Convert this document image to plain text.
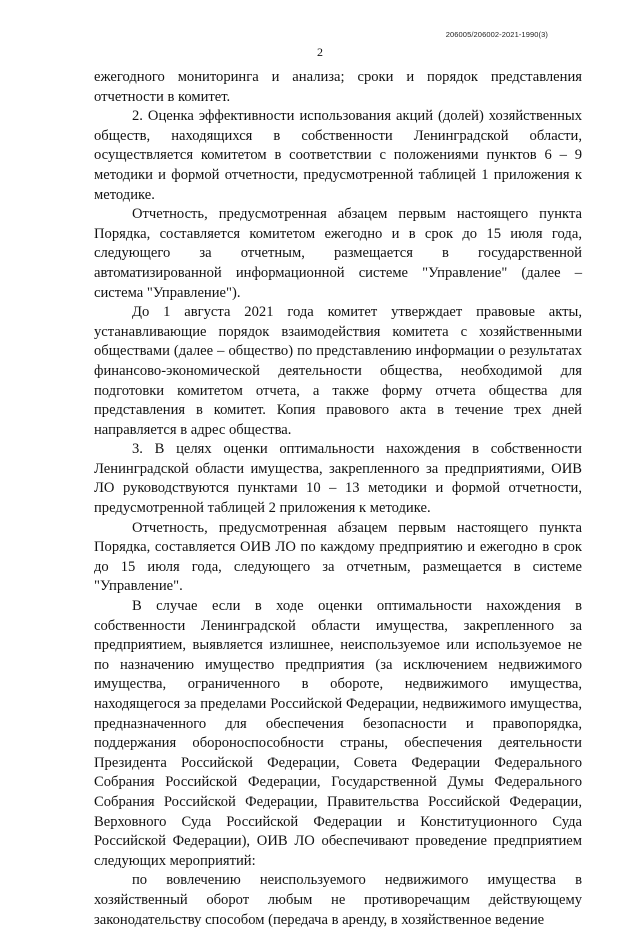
206005/206002-2021-1990(3)
2

ежегодного мониторинга и анализа; сроки и порядок представления отчетности в комитет.

2. Оценка эффективности использования акций (долей) хозяйственных обществ, находящихся в собственности Ленинградской области, осуществляется комитетом в соответствии с положениями пунктов 6 – 9 методики и формой отчетности, предусмотренной таблицей 1 приложения к методике.

Отчетность, предусмотренная абзацем первым настоящего пункта Порядка, составляется комитетом ежегодно и в срок до 15 июля года, следующего за отчетным, размещается в государственной автоматизированной информационной системе "Управление" (далее – система "Управление").

До 1 августа 2021 года комитет утверждает правовые акты, устанавливающие порядок взаимодействия комитета с хозяйственными обществами (далее – общество) по представлению информации о результатах финансово-экономической деятельности общества, необходимой для подготовки комитетом отчета, а также форму отчета общества для представления в комитет. Копия правового акта в течение трех дней направляется в адрес общества.

3. В целях оценки оптимальности нахождения в собственности Ленинградской области имущества, закрепленного за предприятиями, ОИВ ЛО руководствуются пунктами 10 – 13 методики и формой отчетности, предусмотренной таблицей 2 приложения к методике.

Отчетность, предусмотренная абзацем первым настоящего пункта Порядка, составляется ОИВ ЛО по каждому предприятию и ежегодно в срок до 15 июля года, следующего за отчетным, размещается в системе "Управление".

В случае если в ходе оценки оптимальности нахождения в собственности Ленинградской области имущества, закрепленного за предприятием, выявляется излишнее, неиспользуемое или используемое не по назначению имущество предприятия (за исключением недвижимого имущества, ограниченного в обороте, недвижимого имущества, находящегося за пределами Российской Федерации, недвижимого имущества, предназначенного для обеспечения безопасности и правопорядка, поддержания обороноспособности страны, обеспечения деятельности Президента Российской Федерации, Совета Федерации Федерального Собрания Российской Федерации, Государственной Думы Федерального Собрания Российской Федерации, Правительства Российской Федерации, Верховного Суда Российской Федерации и Конституционного Суда Российской Федерации), ОИВ ЛО обеспечивают проведение предприятием следующих мероприятий:

по вовлечению неиспользуемого недвижимого имущества в хозяйственный оборот любым не противоречащим действующему законодательству способом (передача в аренду, в хозяйственное ведение
